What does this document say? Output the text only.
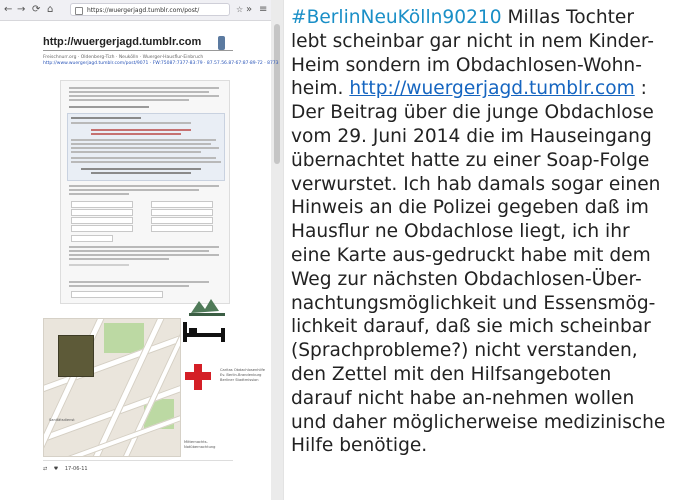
← → ⟳ ⌂	https://wuergerjagd.tumblr.com/post/	☆ » ≡
http://wuergerjagd.tumblr.com
Freischnurr.org · Oldenberg-Tizh · Neukölln · Wuerger-Hausflur-Einbruch
http://www.wuergerjagd.tumblr.com/post/9071 · FW:75087:7377·83:79 · 87.57.56.87·67:87·89·72 · 8773
Sanitätsdienst
Caritas Obdachlosenhilfe Ev. Berlin-Brandenburg Berliner Stadtmission
Mitternachts-Notübernachtung
⇄ ♥ 17-06-11
#BerlinNeuKölln90210 Millas Tochter
lebt scheinbar gar nicht in nem Kinder-
Heim sondern im Obdachlosen-Wohn-
heim. http://wuergerjagd.tumblr.com :
Der Beitrag über die junge Obdachlose
vom 29. Juni 2014 die im Hauseingang
übernachtet hatte zu einer Soap-Folge
verwurstet. Ich hab damals sogar einen
Hinweis an die Polizei gegeben daß im
Hausflur ne Obdachlose liegt, ich ihr
eine Karte aus-gedruckt habe mit dem
Weg zur nächsten Obdachlosen-Über-
nachtungsmöglichkeit und Essensmög-
lichkeit darauf, daß sie mich scheinbar
(Sprachprobleme?) nicht verstanden,
den Zettel mit den Hilfsangeboten
darauf nicht habe an-nehmen wollen
und daher möglicherweise medizinische
Hilfe benötige.
